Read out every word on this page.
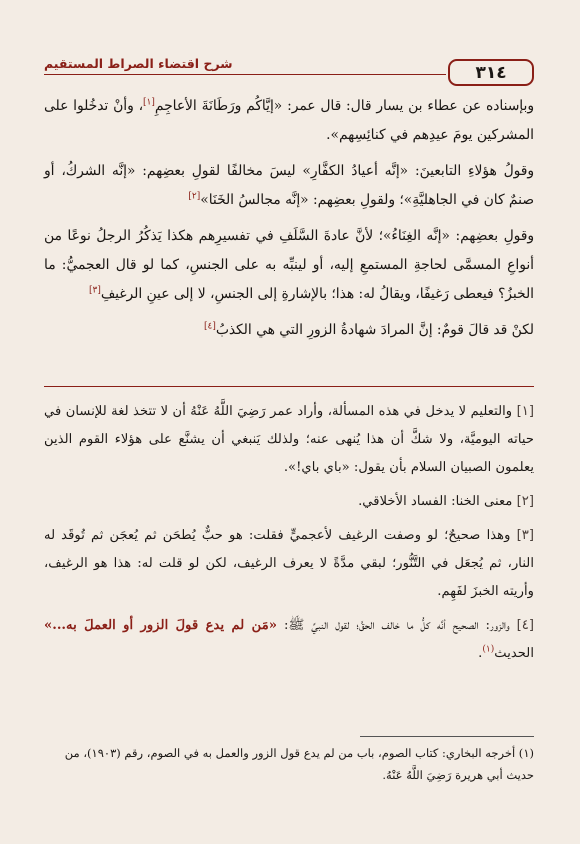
شرح اقتضاء الصراط المستقيم	٣١٤

وبإسناده عن عطاء بن يسار قال: قال عمر: «إيَّاكُم ورَطَانَةَ الأعاجِمِ[١]، وأنْ تدخُلوا على المشركين يومَ عيدِهم في كنائِسِهم».

وقولُ هؤلاءِ التابعينَ: «إنَّه أعيادُ الكفَّارِ» ليسَ مخالفًا لقولِ بعضِهم: «إنَّه الشركُ، أو صنمٌ كان في الجاهليَّةِ»؛ ولقولِ بعضِهم: «إنَّه مجالسُ الخَنَا»[٢]

وقولِ بعضِهم: «إنَّه الغِنَاءُ»؛ لأنَّ عادةَ السَّلَفِ في تفسيرِهم هكذا يَذكُرُ الرجلُ نوعًا من أنواعِ المسمَّى لحاجةِ المستمعِ إليه، أو لينبِّه به على الجنسِ، كما لو قال العجميُّ: ما الخبزُ؟ فيعطى رَغيفًا، ويقالُ له: هذا؛ بالإشارةِ إلى الجنسِ، لا إلى عينِ الرغيفِ[٣]

لكنْ قد قالَ قومٌ: إنَّ المرادَ شهادةُ الزورِ التي هي الكذبُ[٤]

[١] والتعليم لا يدخل في هذه المسألة، وأراد عمر رَضِيَ اللَّهُ عَنْهُ أن لا تتخذ لغة للإنسان في حياته اليوميَّة، ولا شكَّ أن هذا يُنهى عنه؛ ولذلك يَنبغي أن يشنَّع على هؤلاء القوم الذين يعلمون الصبيان السلام بأن يقول: «باي باي!».

[٢] معنى الخنا: الفساد الأخلاقي.

[٣] وهذا صحيحٌ؛ لو وصفت الرغيف لأعجميٍّ فقلت: هو حبٌّ يُطحَن ثم يُعجَن ثم تُوقَد له النار، ثم يُجعَل في التَّنُّور؛ لبقي مدَّةً لا يعرف الرغيف، لكن لو قلت له: هذا هو الرغيف، وأريته الخبزَ لفَهِم.

[٤] والزور: الصحيح أنَّه كلُّ ما خالف الحقَّ؛ لقول النبيِّ ﷺ: «مَن لم يدع قولَ الزور أو العملَ به...» الحديث$^{(١)}$.

(١) أخرجه البخاري: كتاب الصوم، باب من لم يدع قول الزور والعمل به في الصوم، رقم (١٩٠٣)، من حديث أبي هريرة رَضِيَ اللَّهُ عَنْهُ.
